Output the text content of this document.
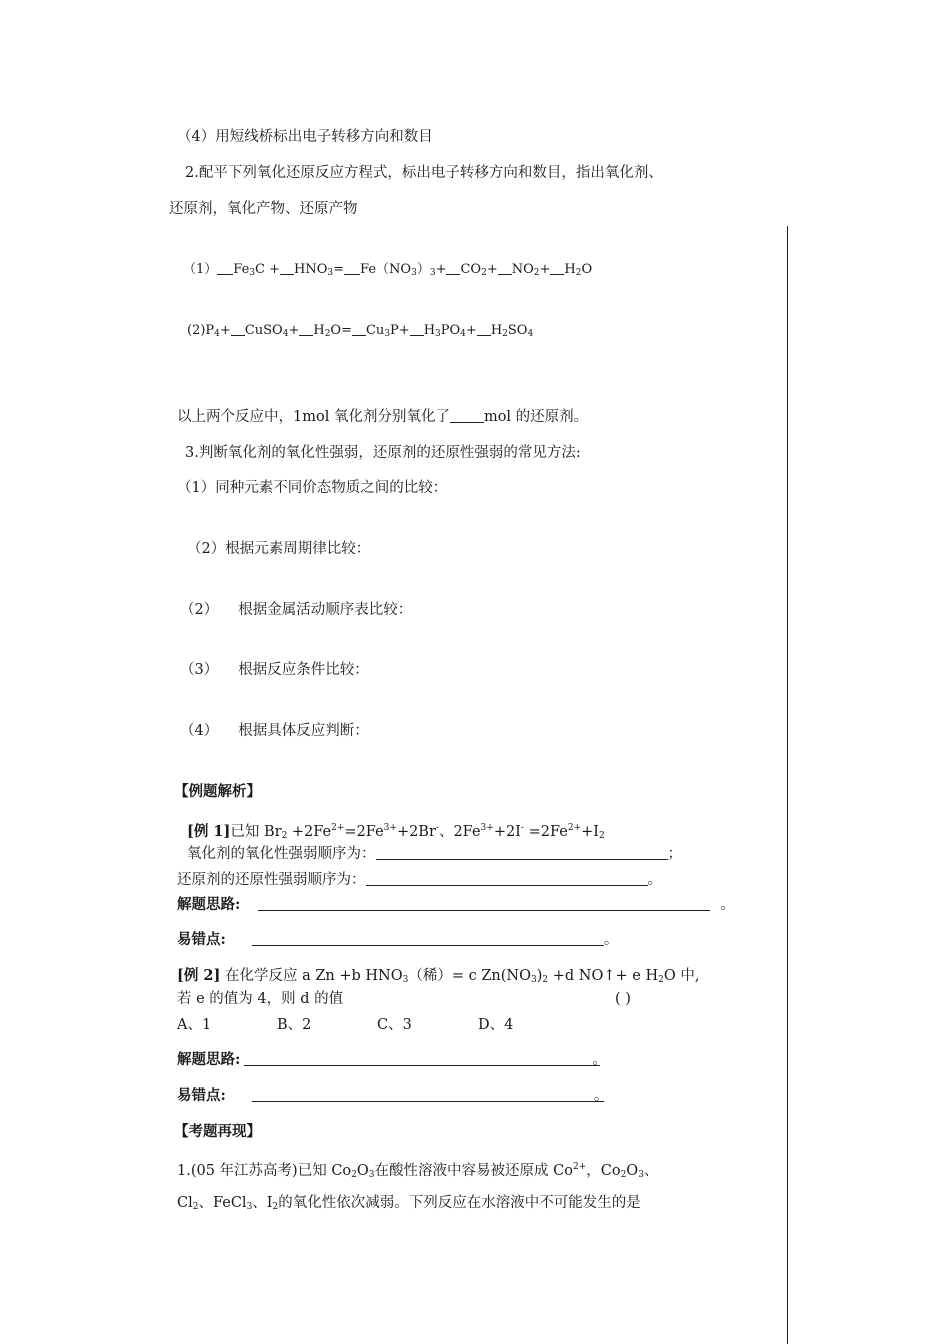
（4）用短线桥标出电子转移方向和数目
2.配平下列氧化还原反应方程式，标出电子转移方向和数目，指出氧化剂、
还原剂，氧化产物、还原产物
（1） $Fe_3C + HNO_3= Fe(NO_3)_3+ CO_2+ NO_2+ H_2O$
$(2)P_4+$ CuSO$_4$+ $H_2O= Cu_3P+ H_3PO_4+ H_2SO_4$
以上两个反应中，1mol 氧化剂分别氧化了 mol 的还原剂。
3.判断氧化剂的氧化性强弱，还原剂的还原性强弱的常见方法:
（1）同种元素不同价态物质之间的比较：
（2）根据元素周期律比较：
（2） 根据金属活动顺序表比较：
（3） 根据反应条件比较：
（4） 根据具体反应判断：
【例题解析】
[例 1]已知 $Br_2 +2Fe^{2+}=2Fe^{3+}+2Br^-$、$2Fe^{3+}+2I^- =2Fe^{2+}+I_2$
氧化剂的氧化性强弱顺序为：	；
还原剂的还原性强弱顺序为：	。
解题思路:	。
易错点:	。
[例 2] 在化学反应 a Zn +b $HNO_3$（稀）= c $Zn(NO_3)_2 +d$ NO↑+ e $H_2O$ 中,
若 e 的值为 4，则 d 的值	( )
A、1	B、2	C、3	D、4
解题思路:	。
易错点:	。
【考题再现】
1.(05 年江苏高考)已知 $Co_2O_3$在酸性溶液中容易被还原成 $Co^{2+}$，$Co_2O_3$、
$Cl_2$、FeCl$_3$、$I_2$的氧化性依次减弱。下列反应在水溶液中不可能发生的是
